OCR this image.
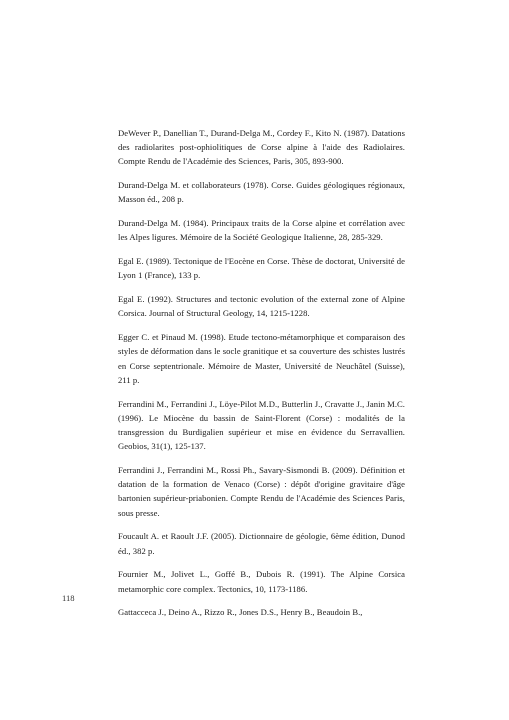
DeWever P., Danellian T., Durand-Delga M., Cordey F., Kito N. (1987). Datations des radiolarites post-ophiolitiques de Corse alpine à l'aide des Radiolaires. Compte Rendu de l'Académie des Sciences, Paris, 305, 893-900.

Durand-Delga M. et collaborateurs (1978). Corse. Guides géologiques régionaux, Masson éd., 208 p.

Durand-Delga M. (1984). Principaux traits de la Corse alpine et corrélation avec les Alpes ligures. Mémoire de la Société Geologique Italienne, 28, 285-329.

Egal E. (1989). Tectonique de l'Eocène en Corse. Thèse de doctorat, Université de Lyon 1 (France), 133 p.

Egal E. (1992). Structures and tectonic evolution of the external zone of Alpine Corsica. Journal of Structural Geology, 14, 1215-1228.

Egger C. et Pinaud M. (1998). Etude tectono-métamorphique et comparaison des styles de déformation dans le socle granitique et sa couverture des schistes lustrés en Corse septentrionale. Mémoire de Master, Université de Neuchâtel (Suisse), 211 p.

Ferrandini M., Ferrandini J., Löye-Pilot M.D., Butterlin J., Cravatte J., Janin M.C. (1996). Le Miocène du bassin de Saint-Florent (Corse) : modalités de la transgression du Burdigalien supérieur et mise en évidence du Serravallien. Geobios, 31(1), 125-137.

Ferrandini J., Ferrandini M., Rossi Ph., Savary-Sismondi B. (2009). Définition et datation de la formation de Venaco (Corse) : dépôt d'origine gravitaire d'âge bartonien supérieur-priabonien. Compte Rendu de l'Académie des Sciences Paris, sous presse.

Foucault A. et Raoult J.F. (2005). Dictionnaire de géologie, 6ème édition, Dunod éd., 382 p.

Fournier M., Jolivet L., Goffé B., Dubois R. (1991). The Alpine Corsica metamorphic core complex. Tectonics, 10, 1173-1186.

Gattacceca J., Deino A., Rizzo R., Jones D.S., Henry B., Beaudoin B.,

118
